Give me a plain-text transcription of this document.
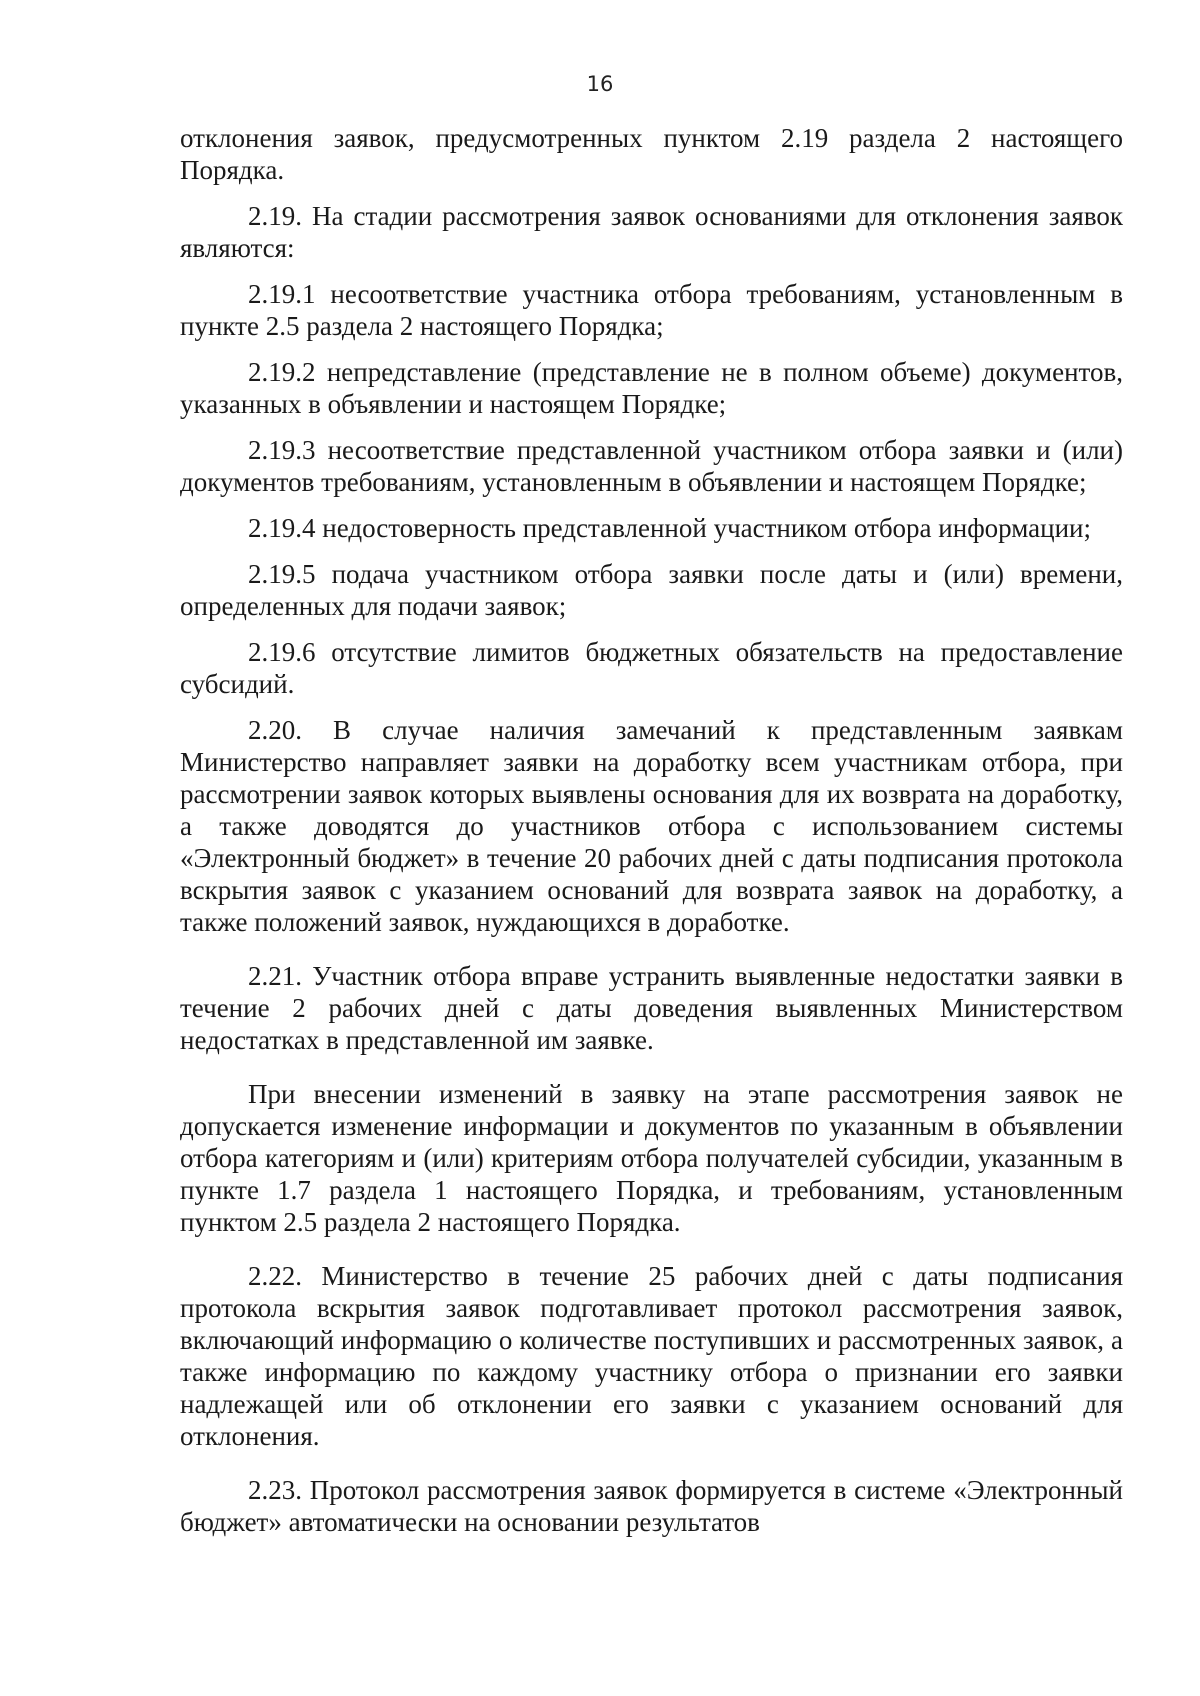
16

отклонения заявок, предусмотренных пунктом 2.19 раздела 2 настоящего Порядка.

2.19. На стадии рассмотрения заявок основаниями для отклонения заявок являются:

2.19.1 несоответствие участника отбора требованиям, установленным в пункте 2.5 раздела 2 настоящего Порядка;

2.19.2 непредставление (представление не в полном объеме) документов, указанных в объявлении и настоящем Порядке;

2.19.3 несоответствие представленной участником отбора заявки и (или) документов требованиям, установленным в объявлении и настоящем Порядке;

2.19.4 недостоверность представленной участником отбора информации;

2.19.5 подача участником отбора заявки после даты и (или) времени, определенных для подачи заявок;

2.19.6 отсутствие лимитов бюджетных обязательств на предоставление субсидий.

2.20. В случае наличия замечаний к представленным заявкам Министерство направляет заявки на доработку всем участникам отбора, при рассмотрении заявок которых выявлены основания для их возврата на доработку, а также доводятся до участников отбора с использованием системы «Электронный бюджет» в течение 20 рабочих дней с даты подписания протокола вскрытия заявок с указанием оснований для возврата заявок на доработку, а также положений заявок, нуждающихся в доработке.

2.21. Участник отбора вправе устранить выявленные недостатки заявки в течение 2 рабочих дней с даты доведения выявленных Министерством недостатках в представленной им заявке.

При внесении изменений в заявку на этапе рассмотрения заявок не допускается изменение информации и документов по указанным в объявлении отбора категориям и (или) критериям отбора получателей субсидии, указанным в пункте 1.7 раздела 1 настоящего Порядка, и требованиям, установленным пунктом 2.5 раздела 2 настоящего Порядка.

2.22. Министерство в течение 25 рабочих дней с даты подписания протокола вскрытия заявок подготавливает протокол рассмотрения заявок, включающий информацию о количестве поступивших и рассмотренных заявок, а также информацию по каждому участнику отбора о признании его заявки надлежащей или об отклонении его заявки с указанием оснований для отклонения.

2.23. Протокол рассмотрения заявок формируется в системе «Электронный бюджет» автоматически на основании результатов
